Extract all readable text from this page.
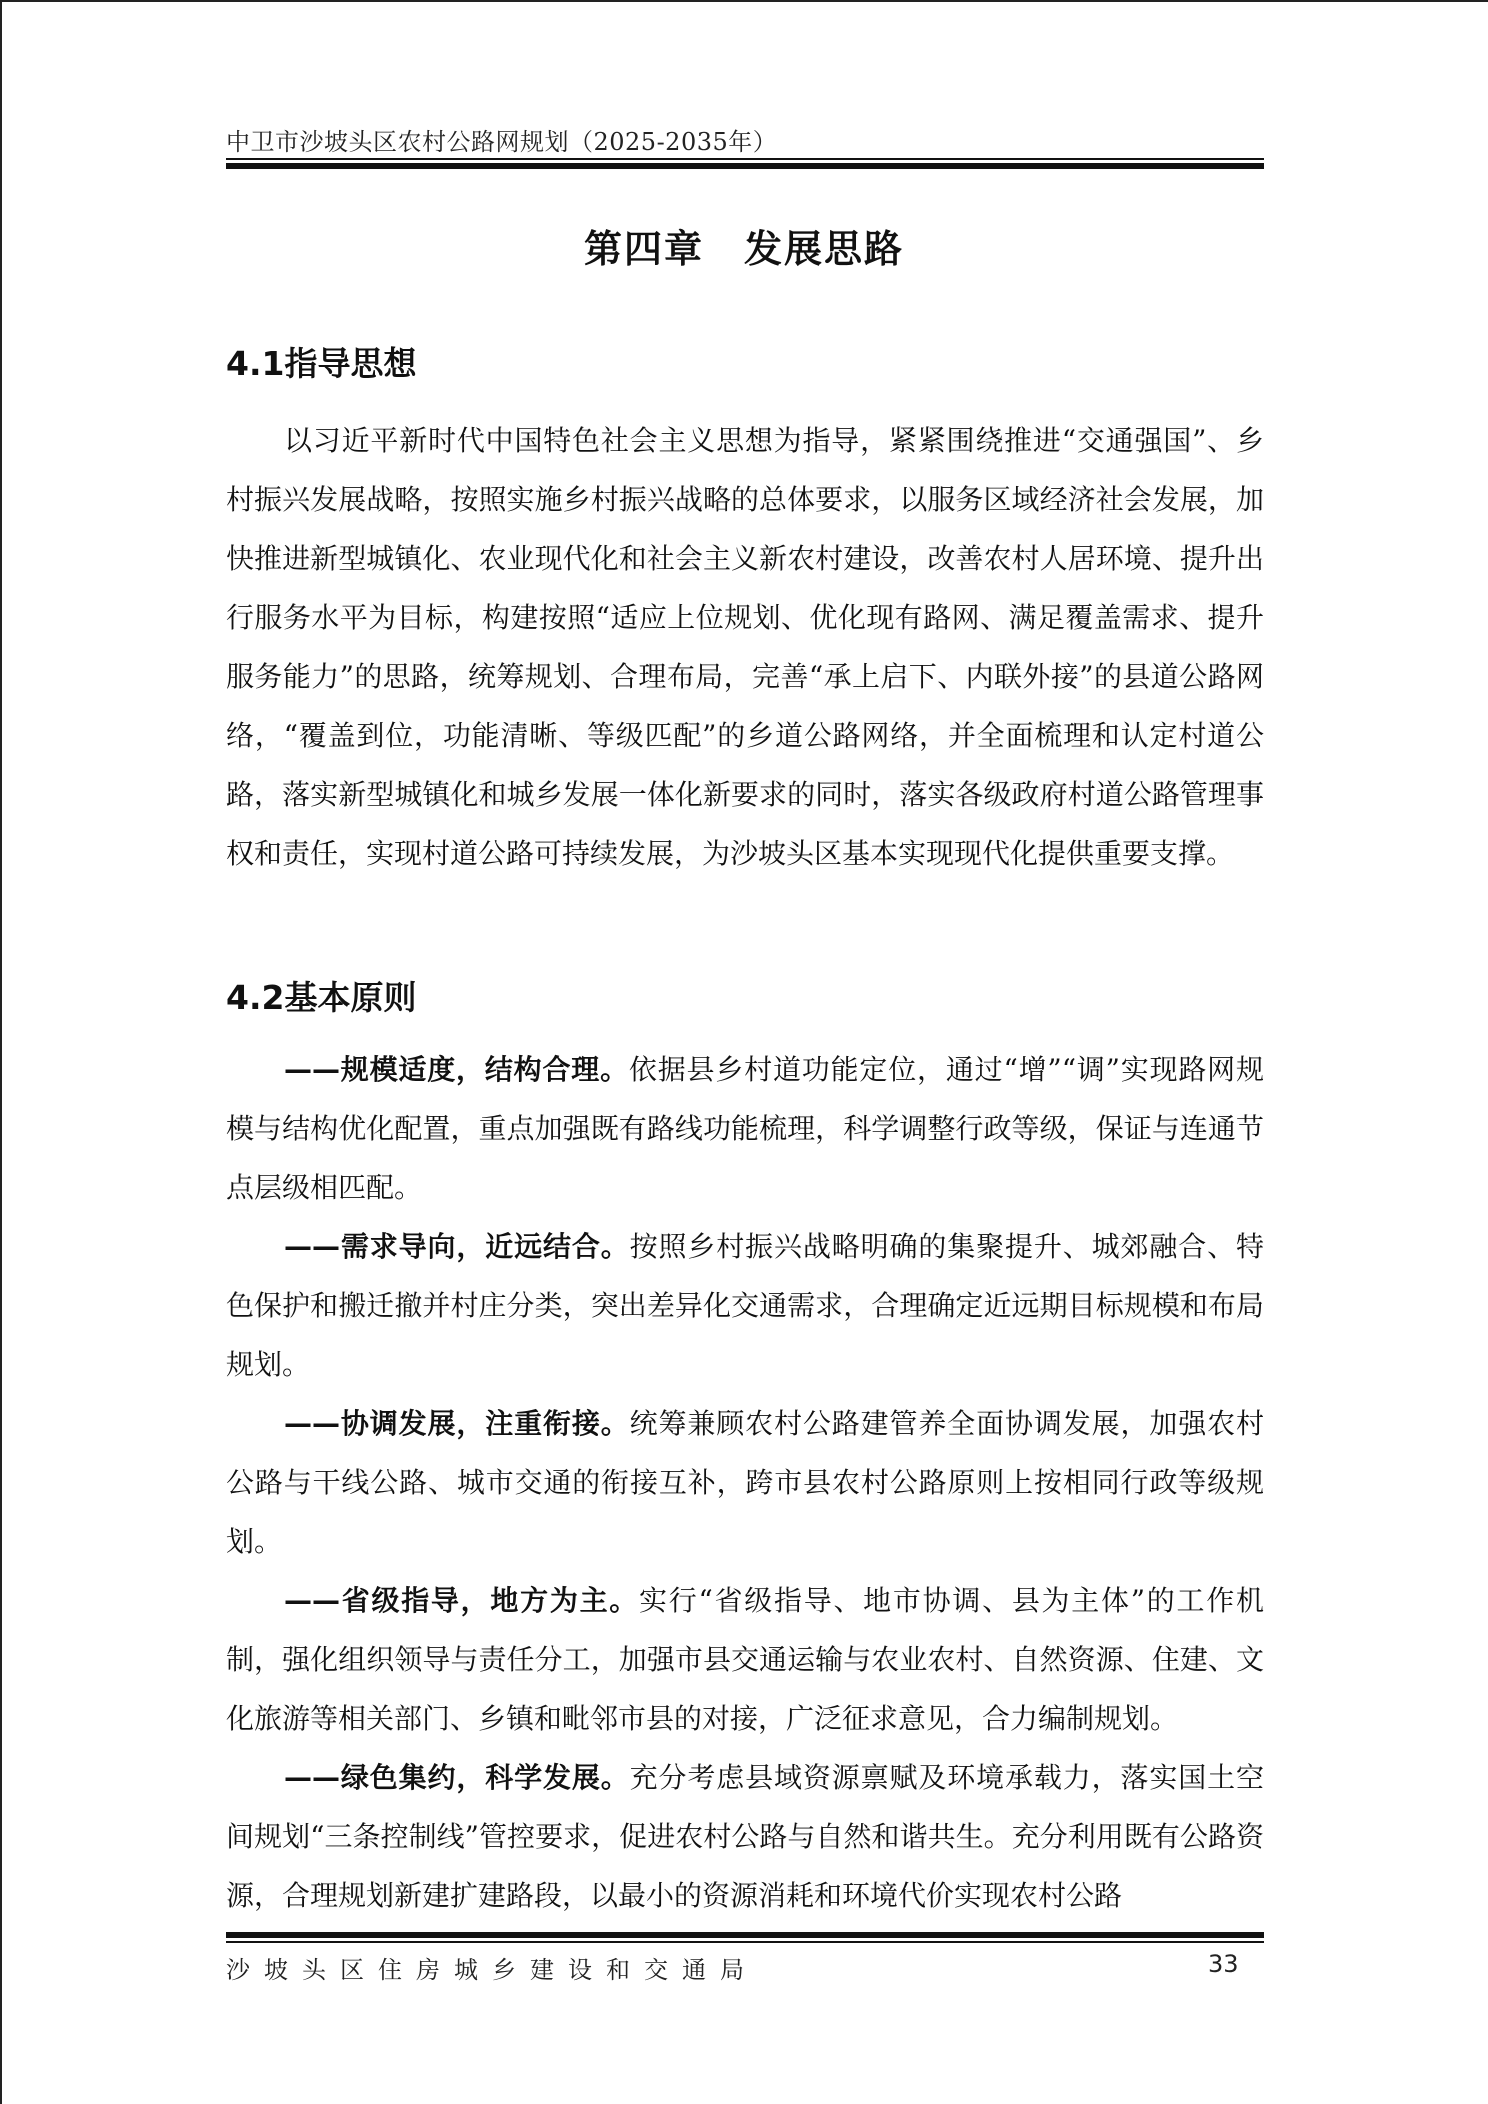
中卫市沙坡头区农村公路网规划（2025-2035年）
第四章　发展思路
4.1指导思想

以习近平新时代中国特色社会主义思想为指导，紧紧围绕推进“交通强国”、乡村振兴发展战略，按照实施乡村振兴战略的总体要求，以服务区域经济社会发展，加快推进新型城镇化、农业现代化和社会主义新农村建设，改善农村人居环境、提升出行服务水平为目标，构建按照“适应上位规划、优化现有路网、满足覆盖需求、提升服务能力”的思路，统筹规划、合理布局，完善“承上启下、内联外接”的县道公路网络，“覆盖到位，功能清晰、等级匹配”的乡道公路网络，并全面梳理和认定村道公路，落实新型城镇化和城乡发展一体化新要求的同时，落实各级政府村道公路管理事权和责任，实现村道公路可持续发展，为沙坡头区基本实现现代化提供重要支撑。

4.2基本原则

——规模适度，结构合理。依据县乡村道功能定位，通过“增”“调”实现路网规模与结构优化配置，重点加强既有路线功能梳理，科学调整行政等级，保证与连通节点层级相匹配。

——需求导向，近远结合。按照乡村振兴战略明确的集聚提升、城郊融合、特色保护和搬迁撤并村庄分类，突出差异化交通需求，合理确定近远期目标规模和布局规划。

——协调发展，注重衔接。统筹兼顾农村公路建管养全面协调发展，加强农村公路与干线公路、城市交通的衔接互补，跨市县农村公路原则上按相同行政等级规划。

——省级指导，地方为主。实行“省级指导、地市协调、县为主体”的工作机制，强化组织领导与责任分工，加强市县交通运输与农业农村、自然资源、住建、文化旅游等相关部门、乡镇和毗邻市县的对接，广泛征求意见，合力编制规划。

——绿色集约，科学发展。充分考虑县域资源禀赋及环境承载力，落实国土空间规划“三条控制线”管控要求，促进农村公路与自然和谐共生。充分利用既有公路资源，合理规划新建扩建路段，以最小的资源消耗和环境代价实现农村公路

沙坡头区住房城乡建设和交通局	33
